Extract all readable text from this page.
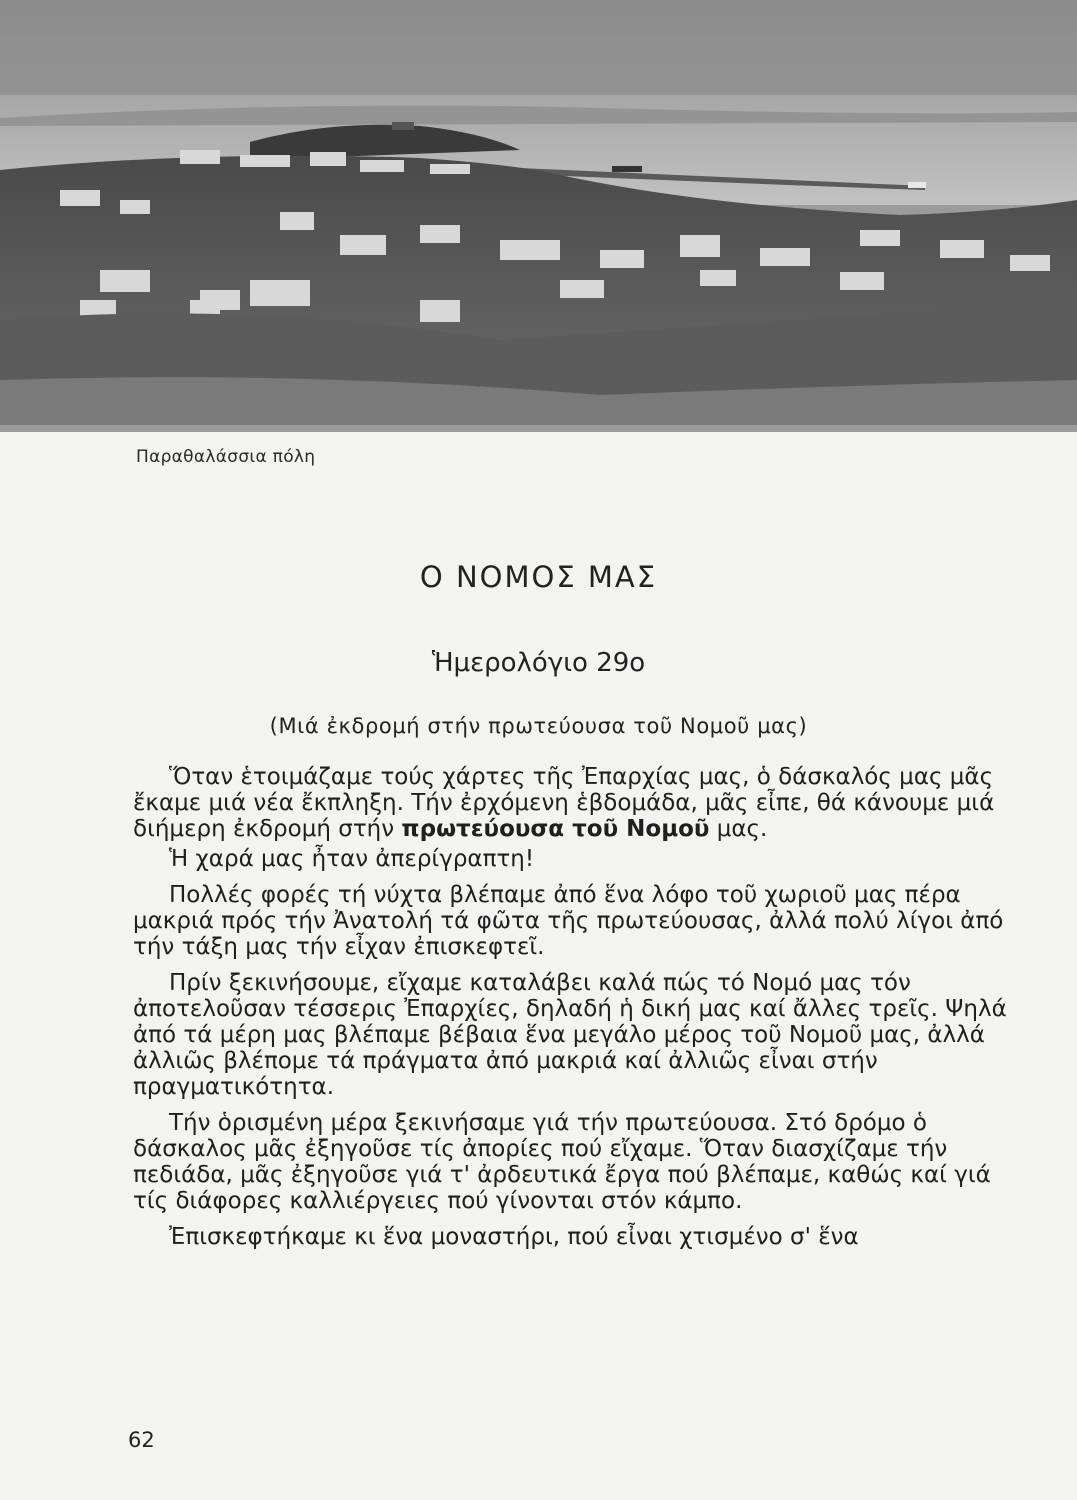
Παραθαλάσσια πόλη
Ο ΝΟΜΟΣ ΜΑΣ
Ἡμερολόγιο 29ο
(Μιά ἐκδρομή στήν πρωτεύουσα τοῦ Νομοῦ μας)

Ὅταν ἑτοιμάζαμε τούς χάρτες τῆς Ἐπαρχίας μας, ὁ δάσκαλός μας μᾶς ἔκαμε μιά νέα ἔκπληξη. Τήν ἐρχόμενη ἑβδομάδα, μᾶς εἶπε, θά κάνουμε μιά διήμερη ἐκδρομή στήν πρωτεύουσα τοῦ Νομοῦ μας.

Ἡ χαρά μας ἦταν ἀπερίγραπτη!

Πολλές φορές τή νύχτα βλέπαμε ἀπό ἕνα λόφο τοῦ χωριοῦ μας πέρα μακριά πρός τήν Ἀνατολή τά φῶτα τῆς πρωτεύουσας, ἀλλά πολύ λίγοι ἀπό τήν τάξη μας τήν εἶχαν ἐπισκεφτεῖ.

Πρίν ξεκινήσουμε, εἴχαμε καταλάβει καλά πώς τό Νομό μας τόν ἀποτελοῦσαν τέσσερις Ἐπαρχίες, δηλαδή ἡ δική μας καί ἄλλες τρεῖς. Ψηλά ἀπό τά μέρη μας βλέπαμε βέβαια ἕνα μεγάλο μέρος τοῦ Νομοῦ μας, ἀλλά ἀλλιῶς βλέπομε τά πράγματα ἀπό μακριά καί ἀλλιῶς εἶναι στήν πραγματικότητα.

Τήν ὁρισμένη μέρα ξεκινήσαμε γιά τήν πρωτεύουσα. Στό δρόμο ὁ δάσκαλος μᾶς ἐξηγοῦσε τίς ἀπορίες πού εἴχαμε. Ὅταν διασχίζαμε τήν πεδιάδα, μᾶς ἐξηγοῦσε γιά τ' ἀρδευτικά ἔργα πού βλέπαμε, καθώς καί γιά τίς διάφορες καλλιέργειες πού γίνονται στόν κάμπο.

Ἐπισκεφτήκαμε κι ἕνα μοναστήρι, πού εἶναι χτισμένο σ' ἕνα

62
